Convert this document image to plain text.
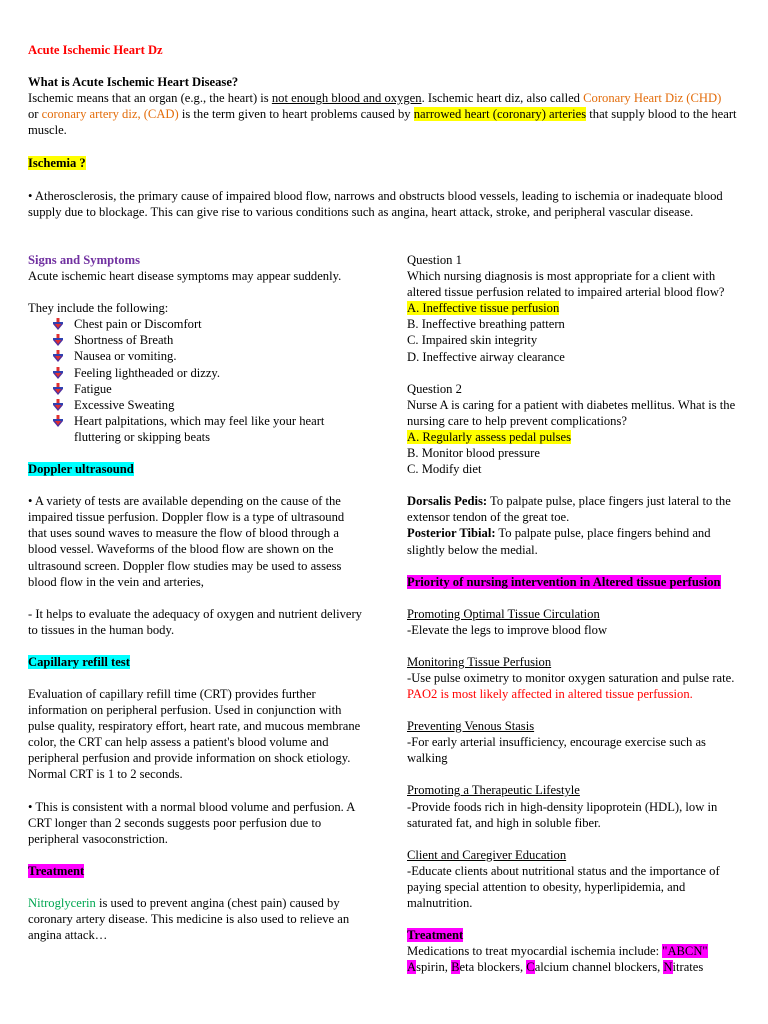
Acute Ischemic Heart Dz

What is Acute Ischemic Heart Disease?

Ischemic means that an organ (e.g., the heart) is not enough blood and oxygen. Ischemic heart diz, also called Coronary Heart Diz (CHD)
or coronary artery diz, (CAD) is the term given to heart problems caused by narrowed heart (coronary) arteries that supply blood to the heart muscle.

Ischemia ?

• Atherosclerosis, the primary cause of impaired blood flow, narrows and obstructs blood vessels, leading to ischemia or inadequate blood supply due to blockage. This can give rise to various conditions such as angina, heart attack, stroke, and peripheral vascular disease.

Signs and Symptoms

Acute ischemic heart disease symptoms may appear suddenly.

They include the following:

Chest pain or Discomfort
Shortness of Breath
Nausea or vomiting.
Feeling lightheaded or dizzy.
Fatigue
Excessive Sweating
Heart palpitations, which may feel like your heart fluttering or skipping beats

Doppler ultrasound

• A variety of tests are available depending on the cause of the impaired tissue perfusion. Doppler flow is a type of ultrasound that uses sound waves to measure the flow of blood through a blood vessel. Waveforms of the blood flow are shown on the ultrasound screen. Doppler flow studies may be used to assess blood flow in the vein and arteries,

- It helps to evaluate the adequacy of oxygen and nutrient delivery to tissues in the human body.

Capillary refill test

Evaluation of capillary refill time (CRT) provides further information on peripheral perfusion. Used in conjunction with pulse quality, respiratory effort, heart rate, and mucous membrane color, the CRT can help assess a patient's blood volume and peripheral perfusion and provide information on shock etiology. Normal CRT is 1 to 2 seconds.

• This is consistent with a normal blood volume and perfusion. A CRT longer than 2 seconds suggests poor perfusion due to peripheral vasoconstriction.

Treatment

Nitroglycerin is used to prevent angina (chest pain) caused by coronary artery disease. This medicine is also used to relieve an angina attack…

Question 1

Which nursing diagnosis is most appropriate for a client with altered tissue perfusion related to impaired arterial blood flow?

A. Ineffective tissue perfusion

B. Ineffective breathing pattern

C. Impaired skin integrity

D. Ineffective airway clearance

Question 2

Nurse A is caring for a patient with diabetes mellitus. What is the nursing care to help prevent complications?

A. Regularly assess pedal pulses

B. Monitor blood pressure

C. Modify diet

Dorsalis Pedis: To palpate pulse, place fingers just lateral to the extensor tendon of the great toe.

Posterior Tibial: To palpate pulse, place fingers behind and slightly below the medial.

Priority of nursing intervention in Altered tissue perfusion

Promoting Optimal Tissue Circulation

-Elevate the legs to improve blood flow

Monitoring Tissue Perfusion

-Use pulse oximetry to monitor oxygen saturation and pulse rate. PAO2 is most likely affected in altered tissue perfussion.

Preventing Venous Stasis

-For early arterial insufficiency, encourage exercise such as walking

Promoting a Therapeutic Lifestyle

-Provide foods rich in high-density lipoprotein (HDL), low in saturated fat, and high in soluble fiber.

Client and Caregiver Education

-Educate clients about nutritional status and the importance of paying special attention to obesity, hyperlipidemia, and malnutrition.

Treatment

Medications to treat myocardial ischemia include: "ABCN"
Aspirin, Beta blockers, Calcium channel blockers, Nitrates
